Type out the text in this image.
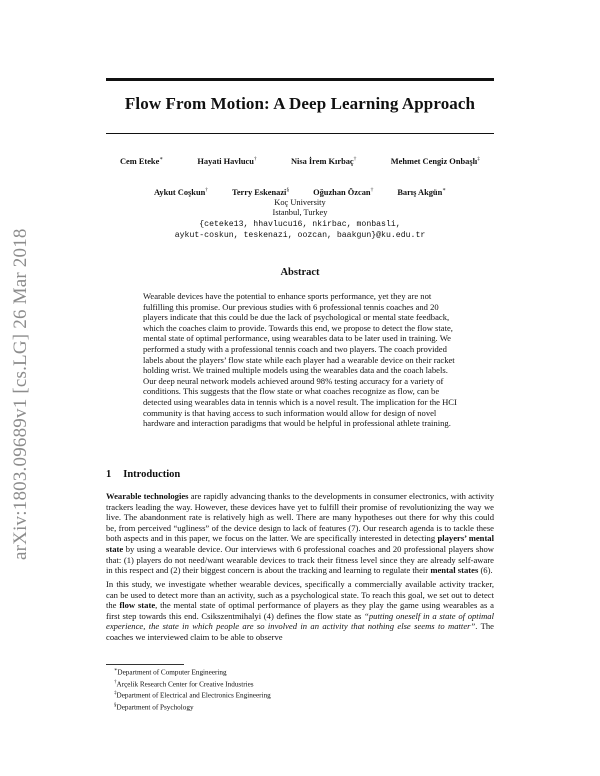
arXiv:1803.09689v1 [cs.LG] 26 Mar 2018
Flow From Motion: A Deep Learning Approach
Cem Eteke∗	Hayati Havlucu†	Nisa İrem Kırbaç†	Mehmet Cengiz Onbaşlı‡
Aykut Coşkun†	Terry Eskenazi§	Oğuzhan Özcan†	Barış Akgün∗
Koç University
Istanbul, Turkey
{ceteke13, hhavlucu16, nkirbac, monbasli,
aykut-coskun, teskenazi, oozcan, baakgun}@ku.edu.tr
Abstract
Wearable devices have the potential to enhance sports performance, yet they are not fulfilling this promise. Our previous studies with 6 professional tennis coaches and 20 players indicate that this could be due the lack of psychological or mental state feedback, which the coaches claim to provide. Towards this end, we propose to detect the flow state, mental state of optimal performance, using wearables data to be later used in training. We performed a study with a professional tennis coach and two players. The coach provided labels about the players’ flow state while each player had a wearable device on their racket holding wrist. We trained multiple models using the wearables data and the coach labels. Our deep neural network models achieved around 98% testing accuracy for a variety of conditions. This suggests that the flow state or what coaches recognize as flow, can be detected using wearables data in tennis which is a novel result. The implication for the HCI community is that having access to such information would allow for design of novel hardware and interaction paradigms that would be helpful in professional athlete training.
1 Introduction
Wearable technologies are rapidly advancing thanks to the developments in consumer electronics, with activity trackers leading the way. However, these devices have yet to fulfill their promise of revolutionizing the way we live. The abandonment rate is relatively high as well. There are many hypotheses out there for why this could be, from perceived “ugliness” of the device design to lack of features (7). Our research agenda is to tackle these both aspects and in this paper, we focus on the latter. We are specifically interested in detecting players’ mental state by using a wearable device. Our interviews with 6 professional coaches and 20 professional players show that: (1) players do not need/want wearable devices to track their fitness level since they are already self-aware in this respect and (2) their biggest concern is about the tracking and learning to regulate their mental states (6).
In this study, we investigate whether wearable devices, specifically a commercially available activity tracker, can be used to detect more than an activity, such as a psychological state. To reach this goal, we set out to detect the flow state, the mental state of optimal performance of players as they play the game using wearables as a first step towards this end. Csikszentmihalyi (4) defines the flow state as “putting oneself in a state of optimal experience, the state in which people are so involved in an activity that nothing else seems to matter”. The coaches we interviewed claim to be able to observe
∗Department of Computer Engineering
†Arçelik Research Center for Creative Industries
‡Department of Electrical and Electronics Engineering
§Department of Psychology
